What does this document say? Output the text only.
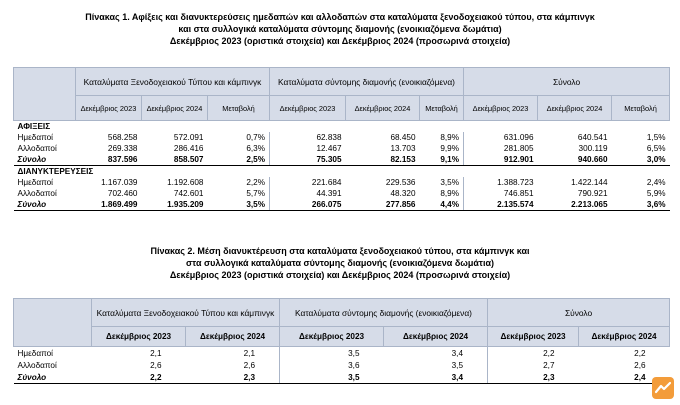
Πίνακας 1. Αφίξεις και διανυκτερεύσεις ημεδαπών και αλλοδαπών στα καταλύματα ξενοδοχειακού τύπου, στα κάμπινγκ
και στα συλλογικά καταλύματα σύντομης διαμονής (ενοικιαζόμενα δωμάτια)
Δεκέμβριος 2023 (οριστικά στοιχεία) και Δεκέμβριος 2024 (προσωρινά στοιχεία)
	Καταλύματα Ξενοδοχειακού Τύπου και κάμπινγκ			Καταλύματα σύντομης διαμονής (ενοικιαζόμενα)			Σύνολο		
	Δεκέμβριος 2023	Δεκέμβριος 2024	Μεταβολή	Δεκέμβριος 2023	Δεκέμβριος 2024	Μεταβολή	Δεκέμβριος 2023	Δεκέμβριος 2024	Μεταβολή
ΑΦΙΞΕΙΣ									
Ημεδαποί	568.258	572.091	0,7%	62.838	68.450	8,9%	631.096	640.541	1,5%
Αλλοδαποί	269.338	286.416	6,3%	12.467	13.703	9,9%	281.805	300.119	6,5%
Σύνολο	837.596	858.507	2,5%	75.305	82.153	9,1%	912.901	940.660	3,0%
ΔΙΑΝΥΚΤΕΡΕΥΣΕΙΣ									
Ημεδαποί	1.167.039	1.192.608	2,2%	221.684	229.536	3,5%	1.388.723	1.422.144	2,4%
Αλλοδαποί	702.460	742.601	5,7%	44.391	48.320	8,9%	746.851	790.921	5,9%
Σύνολο	1.869.499	1.935.209	3,5%	266.075	277.856	4,4%	2.135.574	2.213.065	3,6%
Πίνακας 2. Μέση διανυκτέρευση στα καταλύματα ξενοδοχειακού τύπου, στα κάμπινγκ και
στα συλλογικά καταλύματα σύντομης διαμονής (ενοικιαζόμενα δωμάτια)
Δεκέμβριος 2023 (οριστικά στοιχεία) και Δεκέμβριος 2024 (προσωρινά στοιχεία)
	Καταλύματα Ξενοδοχειακού Τύπου και κάμπινγκ		Καταλύματα σύντομης διαμονής (ενοικιαζόμενα)		Σύνολο	
	Δεκέμβριος 2023	Δεκέμβριος 2024	Δεκέμβριος 2023	Δεκέμβριος 2024	Δεκέμβριος 2023	Δεκέμβριος 2024
Ημεδαποί	2,1	2,1	3,5	3,4	2,2	2,2
Αλλοδαποί	2,6	2,6	3,6	3,5	2,7	2,6
Σύνολο	2,2	2,3	3,5	3,4	2,3	2,4
